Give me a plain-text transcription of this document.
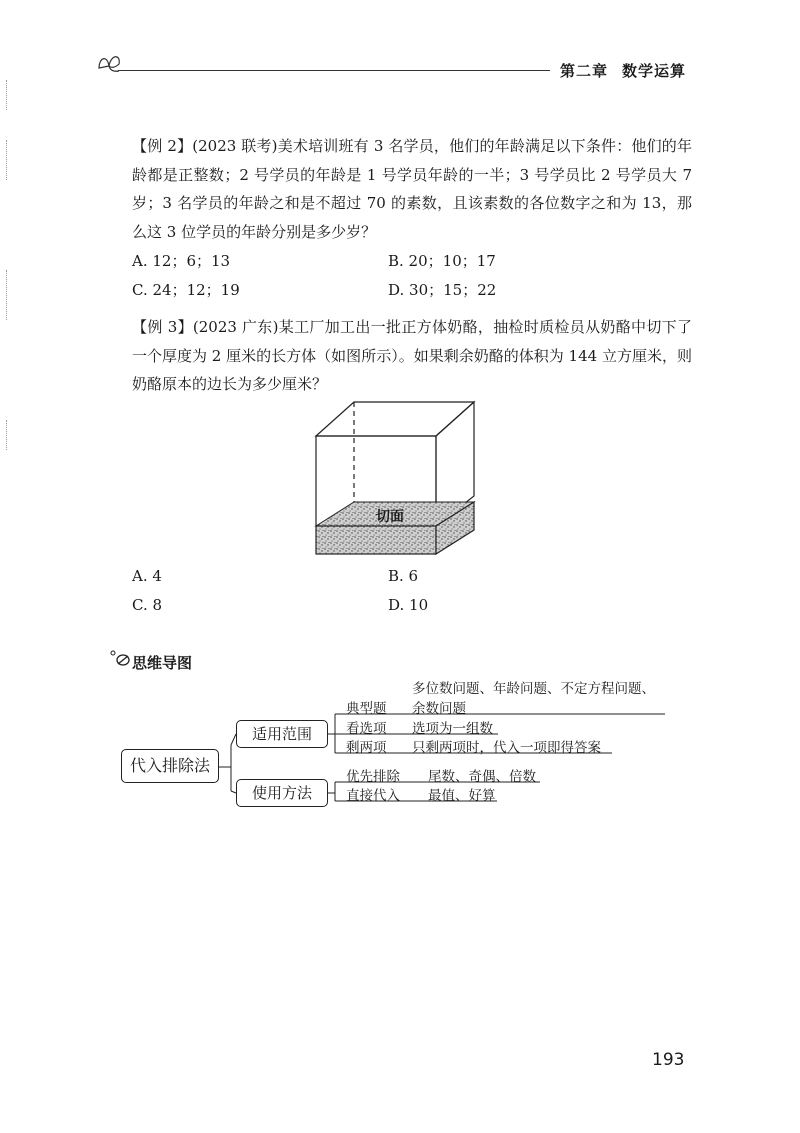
第二章 数学运算
【例 2】(2023 联考)美术培训班有 3 名学员，他们的年龄满足以下条件：他们的年龄都是正整数；2 号学员的年龄是 1 号学员年龄的一半；3 号学员比 2 号学员大 7 岁；3 名学员的年龄之和是不超过 70 的素数，且该素数的各位数字之和为 13，那么这 3 位学员的年龄分别是多少岁？
A. 12；6；13	B. 20；10；17
C. 24；12；19	D. 30；15；22
【例 3】(2023 广东)某工厂加工出一批正方体奶酪，抽检时质检员从奶酪中切下了一个厚度为 2 厘米的长方体（如图所示）。如果剩余奶酪的体积为 144 立方厘米，则奶酪原本的边长为多少厘米？
切面
A. 4	B. 6
C. 8	D. 10
思维导图
代入排除法
适用范围
使用方法
多位数问题、年龄问题、不定方程问题、
典型题 余数问题
看选项 选项为一组数
剩两项 只剩两项时，代入一项即得答案
优先排除 尾数、奇偶、倍数
直接代入 最值、好算
193
